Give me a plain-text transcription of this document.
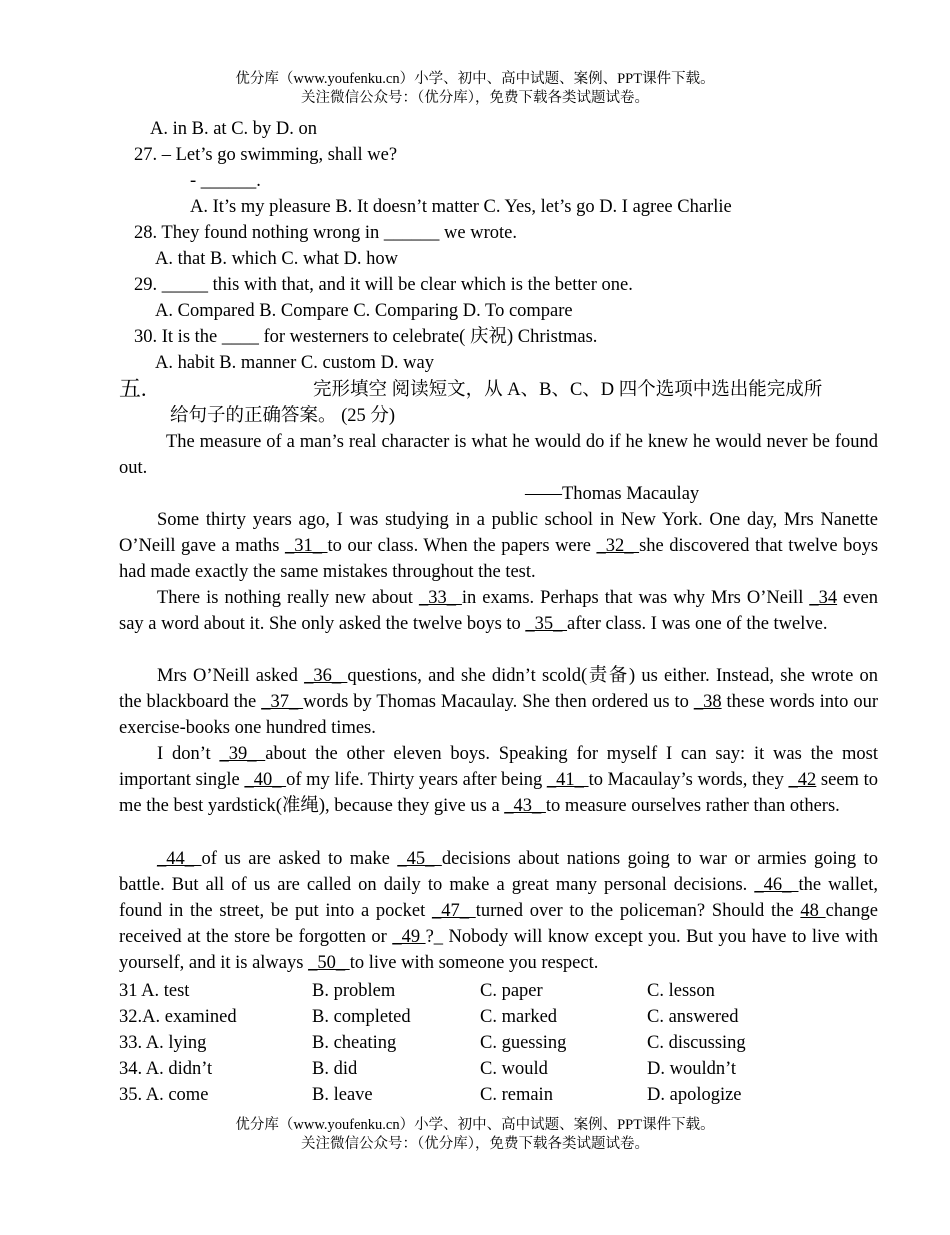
优分库（www.youfenku.cn）小学、初中、高中试题、案例、PPT课件下载。
关注微信公众号：（优分库），免费下载各类试题试卷。
A. in B. at C. by D. on
27. – Let’s go swimming, shall we?
- ______.
A. It’s my pleasure B. It doesn’t matter C. Yes, let’s go D. I agree Charlie
28. They found nothing wrong in ______ we wrote.
A. that B. which C. what D. how
29. _____ this with that, and it will be clear which is the better one.
A. Compared B. Compare C. Comparing D. To compare
30. It is the ____ for westerners to celebrate( 庆祝) Christmas.
A. habit B. manner C. custom D. way
五.	完形填空 阅读短文，从 A、B、C、D 四个选项中选出能完成所
给句子的正确答案。 (25 分)
The measure of a man’s real character is what he would do if he knew he would never be found out.
——Thomas Macaulay
Some thirty years ago, I was studying in a public school in New York. One day, Mrs Nanette O’Neill gave a maths _31_ to our class. When the papers were _32_ she discovered that twelve boys had made exactly the same mistakes throughout the test.
There is nothing really new about _33_ in exams. Perhaps that was why Mrs O’Neill _34 even say a word about it. She only asked the twelve boys to _35_ after class. I was one of the twelve.
Mrs O’Neill asked _36_ questions, and she didn’t scold(责备) us either. Instead, she wrote on the blackboard the _37_ words by Thomas Macaulay. She then ordered us to _38 these words into our exercise-books one hundred times.
I don’t _39_ about the other eleven boys. Speaking for myself I can say: it was the most important single _40_ of my life. Thirty years after being _41_ to Macaulay’s words, they _42 seem to me the best yardstick(准绳), because they give us a _43_ to measure ourselves rather than others.
_44_ of us are asked to make _45_ decisions about nations going to war or armies going to battle. But all of us are called on daily to make a great many personal decisions. _46_ the wallet, found in the street, be put into a pocket _47_ turned over to the policeman? Should the 48 change received at the store be forgotten or _49 ?_ Nobody will know except you. But you have to live with yourself, and it is always _50_ to live with someone you respect.
31 A. test	B. problem	C. paper	C. lesson
32.A. examined	B. completed	C. marked	C. answered
33. A. lying	B. cheating	C. guessing	C. discussing
34. A. didn’t	B. did	C. would	D. wouldn’t
35. A. come	B. leave	C. remain	D. apologize
优分库（www.youfenku.cn）小学、初中、高中试题、案例、PPT课件下载。
关注微信公众号：（优分库），免费下载各类试题试卷。
